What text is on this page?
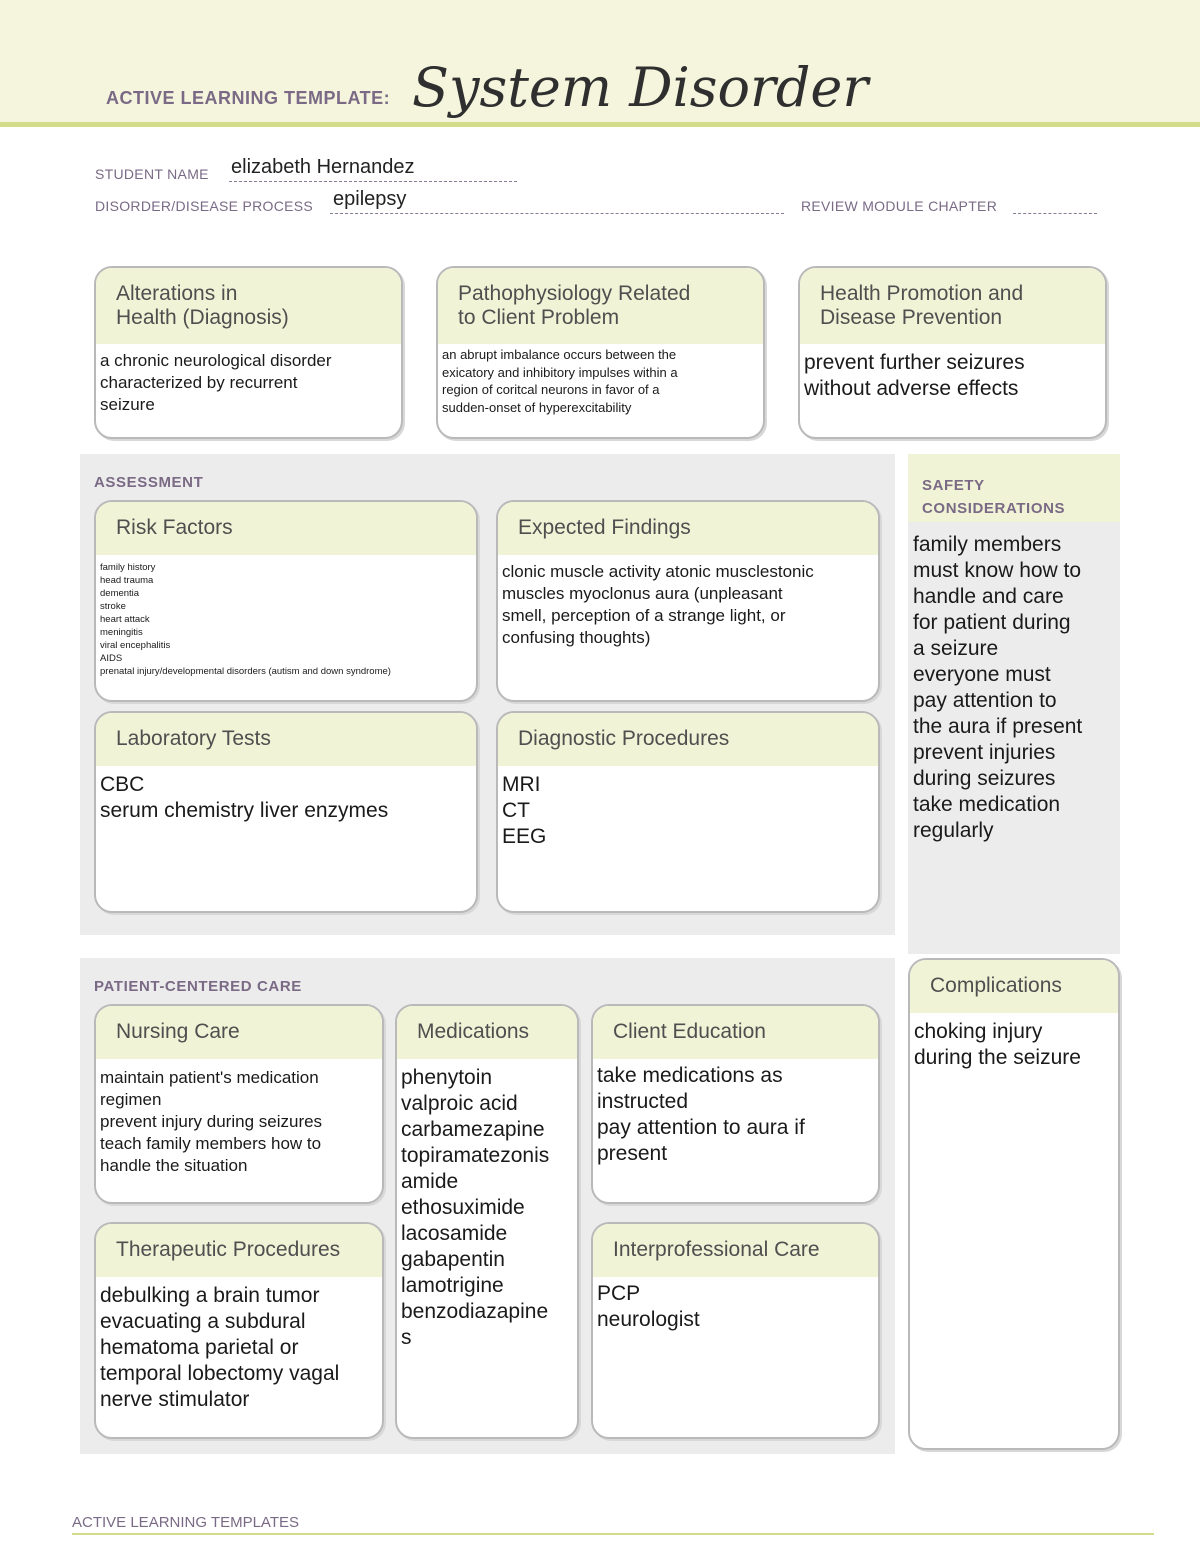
ACTIVE LEARNING TEMPLATE: System Disorder
STUDENT NAME elizabeth Hernandez
DISORDER/DISEASE PROCESS epilepsy	REVIEW MODULE CHAPTER
Alterations in
Health (Diagnosis)
a chronic neurological disorder
characterized by recurrent
seizure
Pathophysiology Related
to Client Problem
an abrupt imbalance occurs between the
exicatory and inhibitory impulses within a
region of coritcal neurons in favor of a
sudden-onset of hyperexcitability
Health Promotion and
Disease Prevention
prevent further seizures
without adverse effects
ASSESSMENT
Risk Factors
family history
head trauma
dementia
stroke
heart attack
meningitis
viral encephalitis
AIDS
prenatal injury/developmental disorders (autism and down syndrome)
Expected Findings
clonic muscle activity atonic musclestonic
muscles myoclonus aura (unpleasant
smell, perception of a strange light, or
confusing thoughts)
Laboratory Tests
CBC
serum chemistry liver enzymes
Diagnostic Procedures
MRI
CT
EEG
SAFETY
CONSIDERATIONS
family members
must know how to
handle and care
for patient during
a seizure
everyone must
pay attention to
the aura if present
prevent injuries
during seizures
take medication
regularly
PATIENT-CENTERED CARE
Nursing Care
maintain patient's medication
regimen
prevent injury during seizures
teach family members how to
handle the situation
Medications
phenytoin
valproic acid
carbamezapine
topiramatezonis
amide
ethosuximide
lacosamide
gabapentin
lamotrigine
benzodiazapine
s
Client Education
take medications as
instructed
pay attention to aura if
present
Therapeutic Procedures
debulking a brain tumor
evacuating a subdural
hematoma parietal or
temporal lobectomy vagal
nerve stimulator
Interprofessional Care
PCP
neurologist
Complications
choking injury
during the seizure
ACTIVE LEARNING TEMPLATES
